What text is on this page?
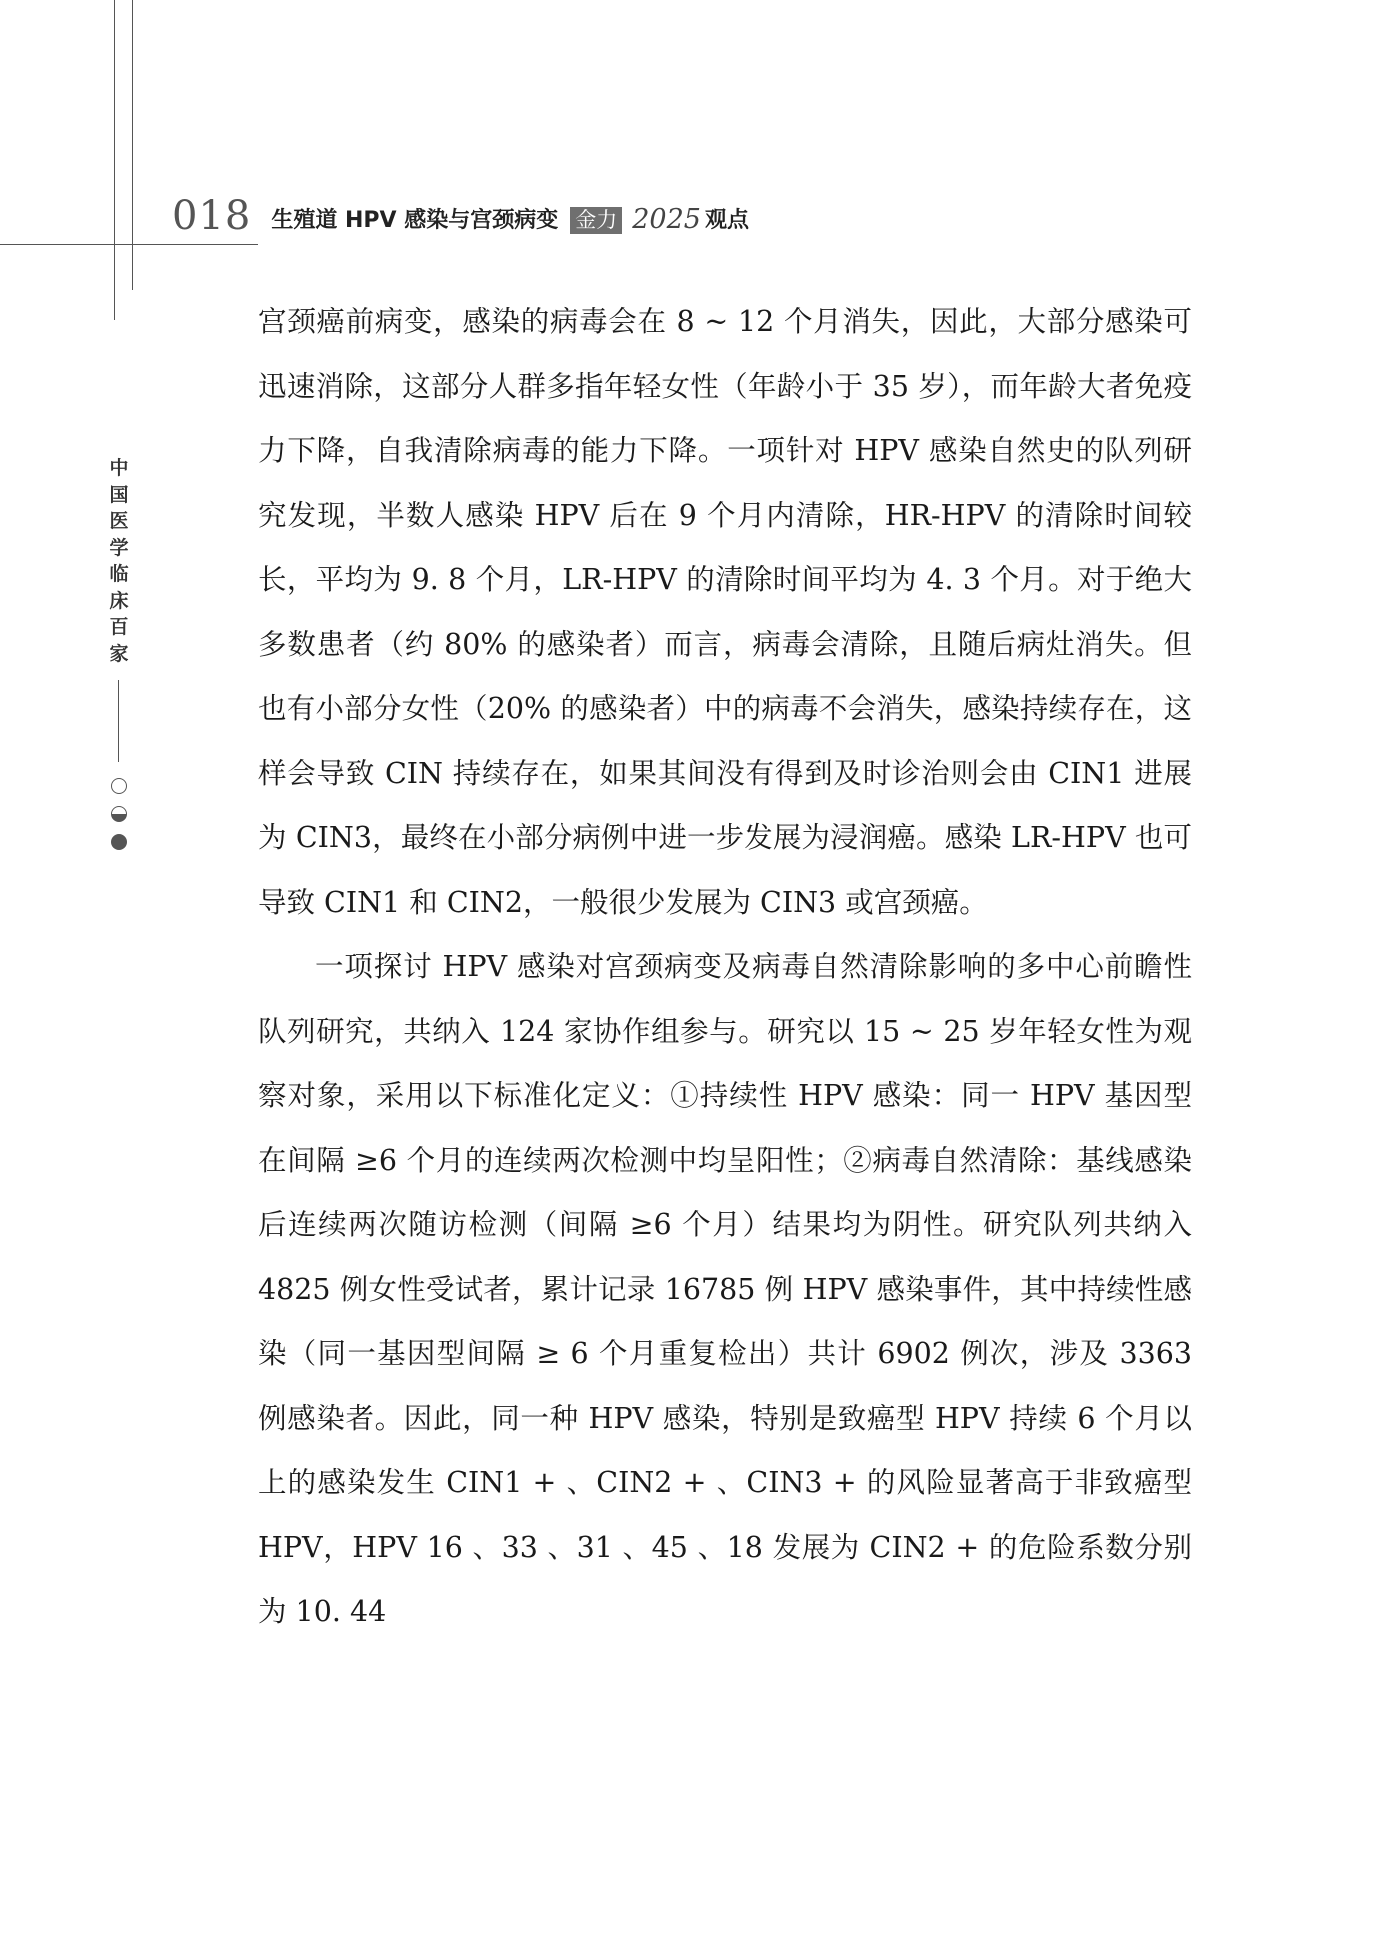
018 生殖道 HPV 感染与宫颈病变 金力 2025 观点
中国医学临床百家

宫颈癌前病变，感染的病毒会在 8 ~ 12 个月消失，因此，大部分感染可迅速消除，这部分人群多指年轻女性（年龄小于 35 岁），而年龄大者免疫力下降，自我清除病毒的能力下降。一项针对 HPV 感染自然史的队列研究发现，半数人感染 HPV 后在 9 个月内清除，HR-HPV 的清除时间较长，平均为 9. 8 个月，LR-HPV 的清除时间平均为 4. 3 个月。对于绝大多数患者（约 80% 的感染者）而言，病毒会清除，且随后病灶消失。但也有小部分女性（20% 的感染者）中的病毒不会消失，感染持续存在，这样会导致 CIN 持续存在，如果其间没有得到及时诊治则会由 CIN1 进展为 CIN3，最终在小部分病例中进一步发展为浸润癌。感染 LR-HPV 也可导致 CIN1 和 CIN2，一般很少发展为 CIN3 或宫颈癌。

一项探讨 HPV 感染对宫颈病变及病毒自然清除影响的多中心前瞻性队列研究，共纳入 124 家协作组参与。研究以 15 ~ 25 岁年轻女性为观察对象，采用以下标准化定义：①持续性 HPV 感染：同一 HPV 基因型在间隔 ≥6 个月的连续两次检测中均呈阳性；②病毒自然清除：基线感染后连续两次随访检测（间隔 ≥6 个月）结果均为阴性。研究队列共纳入 4825 例女性受试者，累计记录 16785 例 HPV 感染事件，其中持续性感染（同一基因型间隔 ≥ 6 个月重复检出）共计 6902 例次，涉及 3363 例感染者。因此，同一种 HPV 感染，特别是致癌型 HPV 持续 6 个月以上的感染发生 CIN1 + 、CIN2 + 、CIN3 + 的风险显著高于非致癌型 HPV，HPV 16 、33 、31 、45 、18 发展为 CIN2 + 的危险系数分别为 10. 44
